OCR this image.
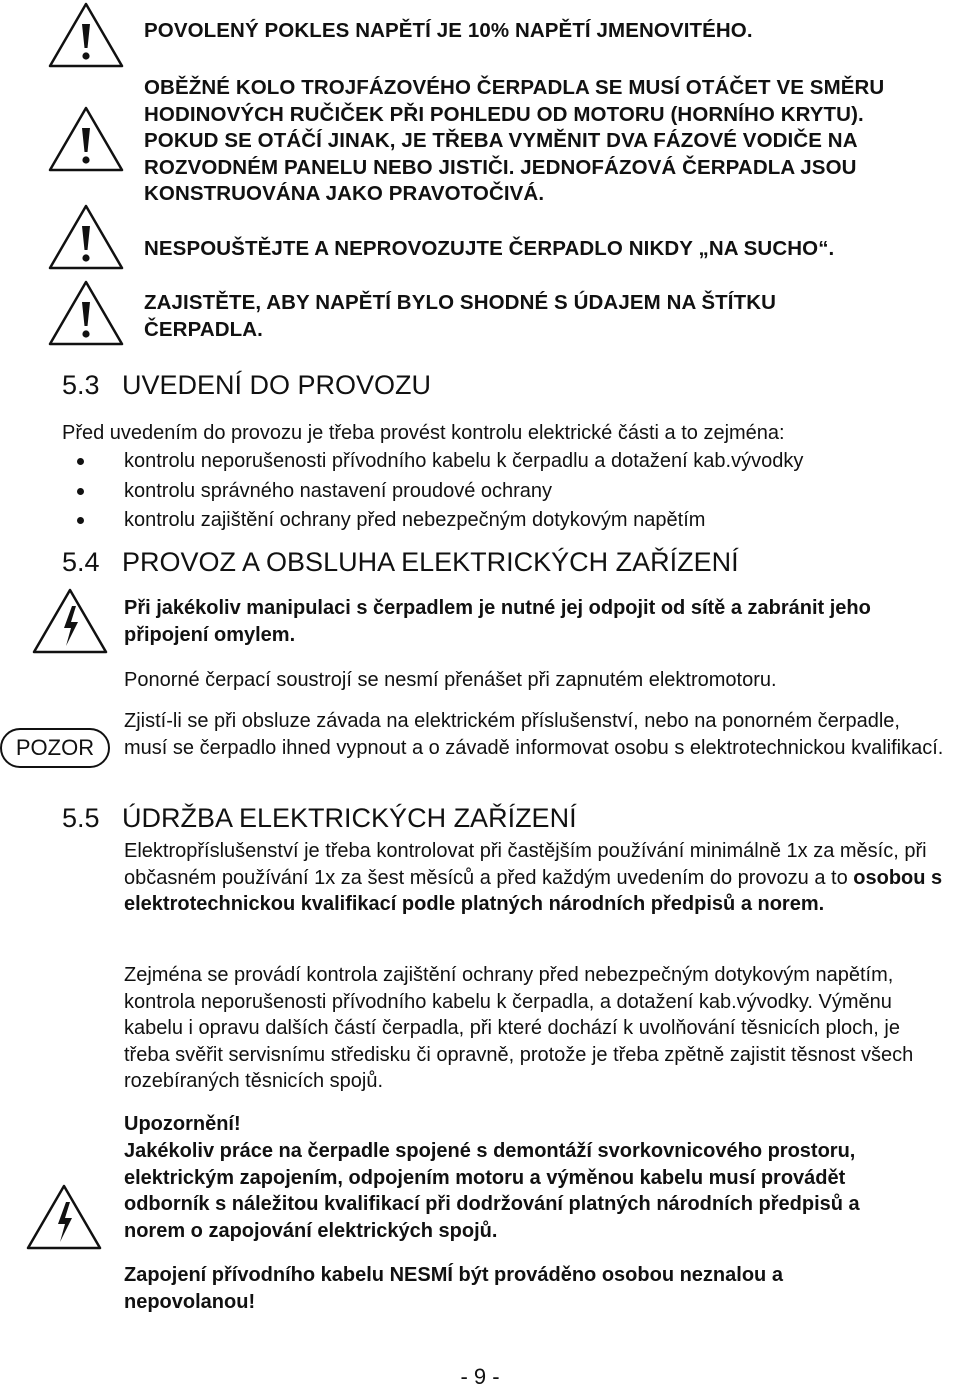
POVOLENÝ POKLES NAPĚTÍ JE 10% NAPĚTÍ JMENOVITÉHO.
OBĚŽNÉ KOLO TROJFÁZOVÉHO ČERPADLA SE MUSÍ OTÁČET VE SMĚRU HODINOVÝCH RUČIČEK PŘI POHLEDU OD MOTORU (HORNÍHO KRYTU). POKUD SE OTÁČÍ JINAK, JE TŘEBA VYMĚNIT DVA FÁZOVÉ VODIČE NA ROZVODNÉM PANELU NEBO JISTIČI. JEDNOFÁZOVÁ ČERPADLA JSOU KONSTRUOVÁNA JAKO PRAVOTOČIVÁ.
NESPOUŠTĚJTE A NEPROVOZUJTE ČERPADLO NIKDY „NA SUCHO“.
ZAJISTĚTE, ABY NAPĚTÍ BYLO SHODNÉ S ÚDAJEM NA ŠTÍTKU ČERPADLA.
5.3 UVEDENÍ DO PROVOZU
Před uvedením do provozu je třeba provést kontrolu elektrické části a to zejména:
kontrolu neporušenosti přívodního kabelu k čerpadlu a dotažení kab.vývodky
kontrolu správného nastavení proudové ochrany
kontrolu zajištění ochrany před nebezpečným dotykovým napětím
5.4 PROVOZ A OBSLUHA ELEKTRICKÝCH ZAŘÍZENÍ
Při jakékoliv manipulaci s čerpadlem je nutné jej odpojit od sítě a zabránit jeho připojení omylem.
Ponorné čerpací soustrojí se nesmí přenášet při zapnutém elektromotoru.
POZOR
Zjistí-li se při obsluze závada na elektrickém příslušenství, nebo na ponorném čerpadle, musí se čerpadlo ihned vypnout a o závadě informovat osobu s elektrotechnickou kvalifikací.
5.5 ÚDRŽBA ELEKTRICKÝCH ZAŘÍZENÍ
Elektropříslušenství je třeba kontrolovat při častějším používání minimálně 1x za měsíc, při občasném používání 1x za šest měsíců a před každým uvedením do provozu a to osobou s elektrotechnickou kvalifikací podle platných národních předpisů a norem.
Zejména se provádí kontrola zajištění ochrany před nebezpečným dotykovým napětím, kontrola neporušenosti přívodního kabelu k čerpadla, a dotažení kab.vývodky. Výměnu kabelu i opravu dalších částí čerpadla, při které dochází k uvolňování těsnicích ploch, je třeba svěřit servisnímu středisku či opravně, protože je třeba zpětně zajistit těsnost všech rozebíraných těsnicích spojů.
Upozornění!
Jakékoliv práce na čerpadle spojené s demontáží svorkovnicového prostoru, elektrickým zapojením, odpojením motoru a výměnou kabelu musí provádět odborník s náležitou kvalifikací při dodržování platných národních předpisů a norem o zapojování elektrických spojů.
Zapojení přívodního kabelu NESMÍ být prováděno osobou neznalou a nepovolanou!
- 9 -
